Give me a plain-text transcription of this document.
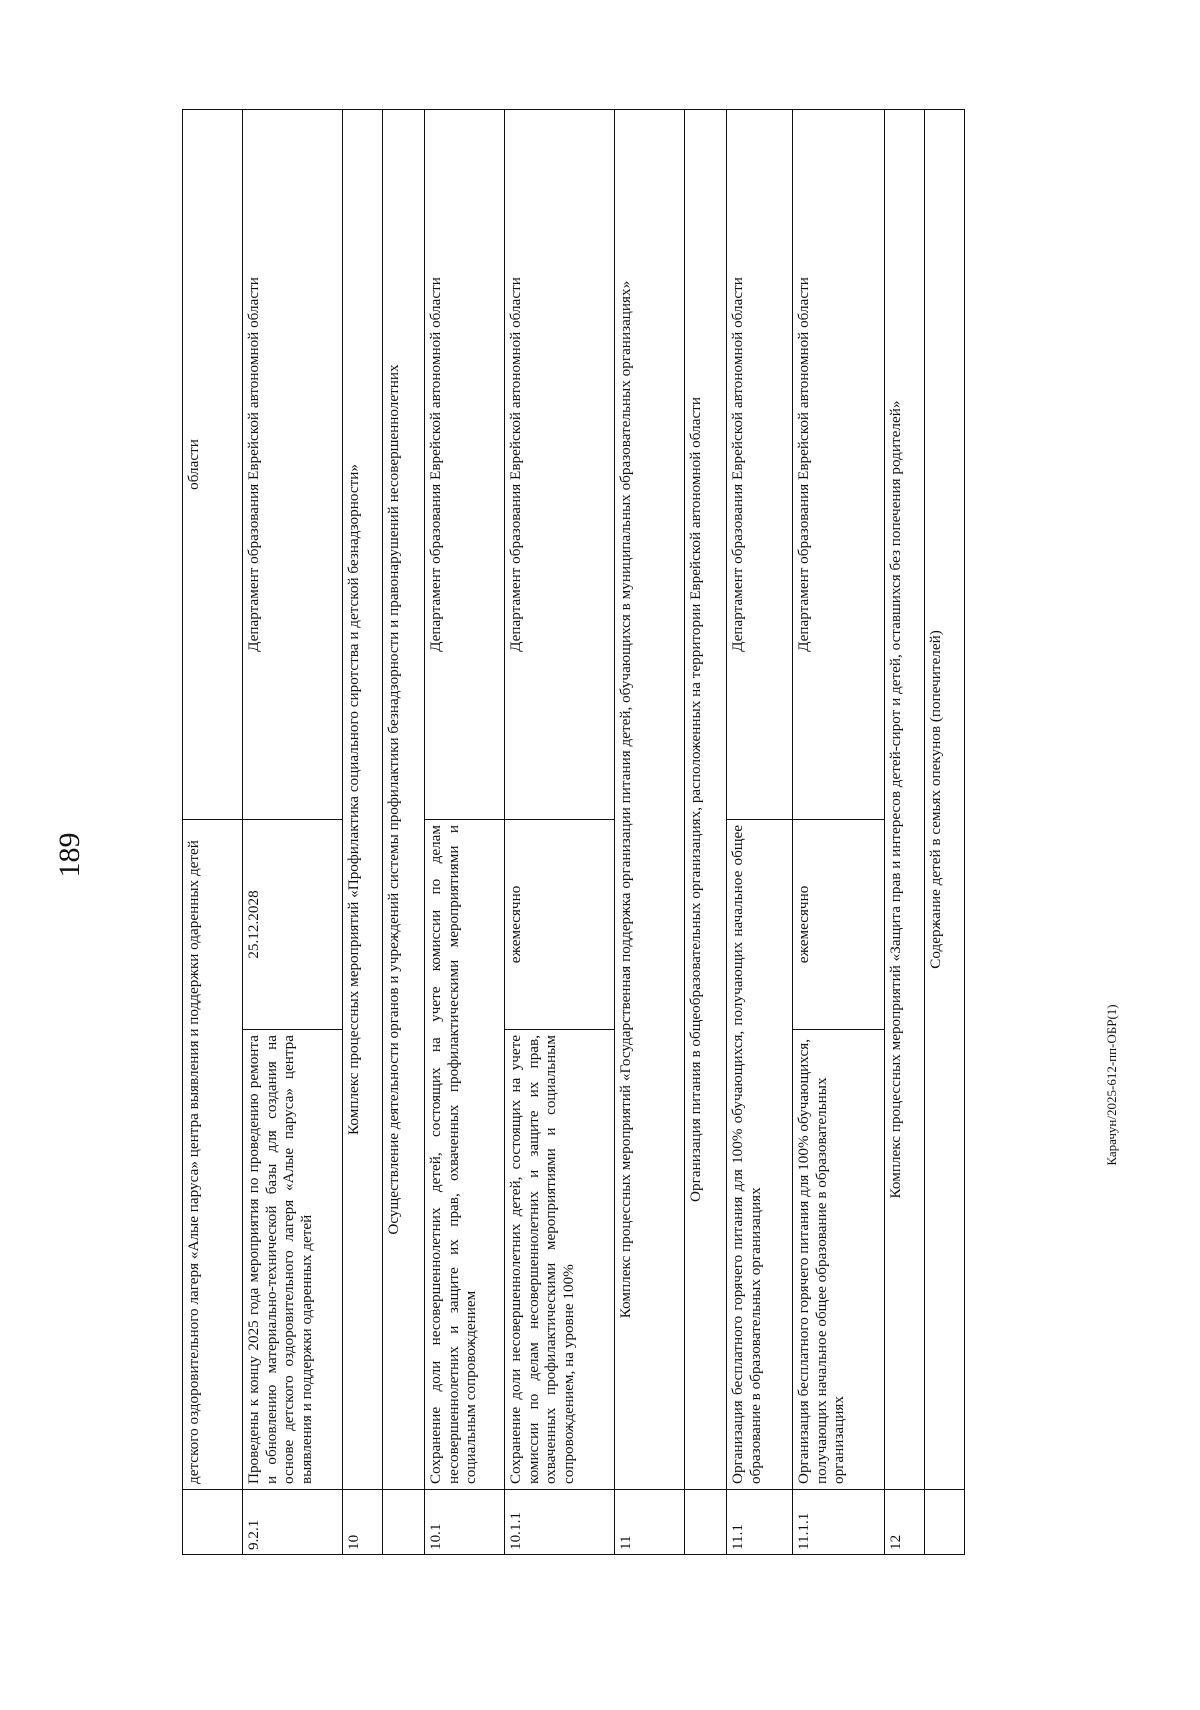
189
Карачун/2025-612-пп-ОБР(1)
	детского оздоровительного лагеря «Алые паруса» центра выявления и поддержки одаренных детей		области
9.2.1	Проведены к концу 2025 года мероприятия по проведению ремонта и обновлению материально-технической базы для создания на основе детского оздоровительного лагеря «Алые паруса» центра выявления и поддержки одаренных детей	25.12.2028	Департамент образования Еврейской автономной области
10	Комплекс процессных мероприятий «Профилактика социального сиротства и детской безнадзорности»		
	Осуществление деятельности органов и учреждений системы профилактики безнадзорности и правонарушений несовершеннолетних		
10.1	Сохранение доли несовершеннолетних детей, состоящих на учете комиссии по делам несовершеннолетних и защите их прав, охваченных профилактическими мероприятиями и социальным сопровождением		Департамент образования Еврейской автономной области
10.1.1	Сохранение доли несовершеннолетних детей, состоящих на учете комиссии по делам несовершеннолетних и защите их прав, охваченных профилактическими мероприятиями и социальным сопровождением, на уровне 100%	ежемесячно	Департамент образования Еврейской автономной области
11	Комплекс процессных мероприятий «Государственная поддержка организации питания детей, обучающихся в муниципальных образовательных организациях»		
	Организация питания в общеобразовательных организациях, расположенных на территории Еврейской автономной области		
11.1	Организация бесплатного горячего питания для 100% обучающихся, получающих начальное общее образование в образовательных организациях		Департамент образования Еврейской автономной области
11.1.1	Организация бесплатного горячего питания для 100% обучающихся, получающих начальное общее образование в образовательных организациях	ежемесячно	Департамент образования Еврейской автономной области
12	Комплекс процессных мероприятий «Защита прав и интересов детей-сирот и детей, оставшихся без попечения родителей»		
	Содержание детей в семьях опекунов (попечителей)		
